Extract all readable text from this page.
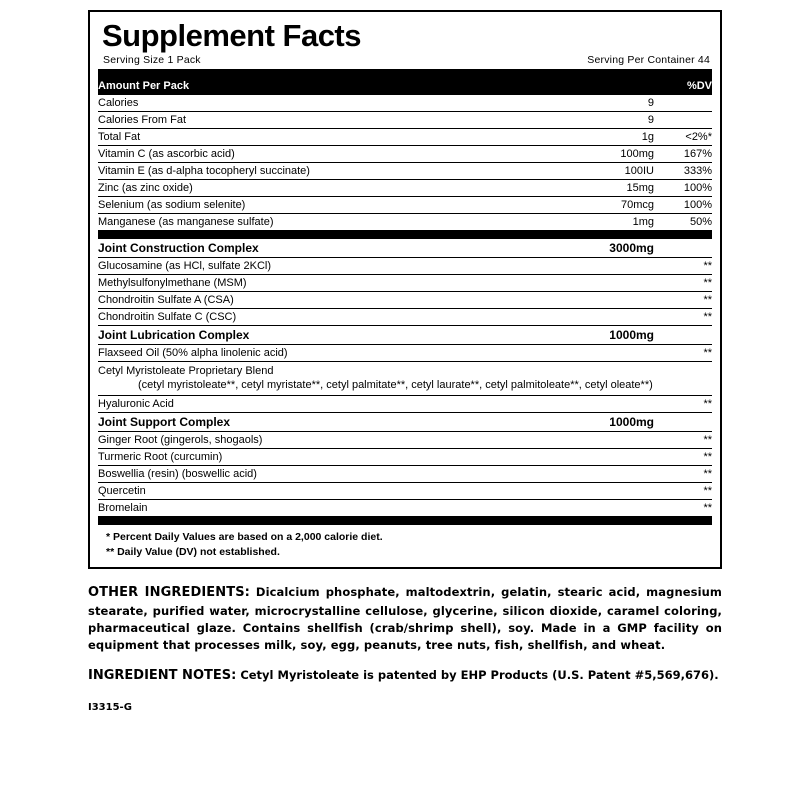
Supplement Facts
Serving Size 1 Pack	Serving Per Container 44
Amount Per Pack		%DV
Calories	9	
Calories From Fat	9	
Total Fat	1g	<2%*
Vitamin C (as ascorbic acid)	100mg	167%
Vitamin E (as d-alpha tocopheryl succinate)	100IU	333%
Zinc (as zinc oxide)	15mg	100%
Selenium (as sodium selenite)	70mcg	100%
Manganese (as manganese sulfate)	1mg	50%
Joint Construction Complex	3000mg	
Glucosamine (as HCl, sulfate 2KCl)		**
Methylsulfonylmethane (MSM)		**
Chondroitin Sulfate A (CSA)		**
Chondroitin Sulfate C (CSC)		**
Joint Lubrication Complex	1000mg	
Flaxseed Oil (50% alpha linolenic acid)		**

Cetyl Myristoleate Proprietary Blend
(cetyl myristoleate**, cetyl myristate**, cetyl palmitate**, cetyl laurate**, cetyl palmitoleate**, cetyl oleate**)		

Hyaluronic Acid		**
Joint Support Complex	1000mg	
Ginger Root (gingerols, shogaols)		**
Turmeric Root (curcumin)		**
Boswellia (resin) (boswellic acid)		**
Quercetin		**
Bromelain		**
* Percent Daily Values are based on a 2,000 calorie diet.
** Daily Value (DV) not established.
OTHER INGREDIENTS: Dicalcium phosphate, maltodextrin, gelatin, stearic acid, magnesium stearate, purified water, microcrystalline cellulose, glycerine, silicon dioxide, caramel coloring, pharmaceutical glaze. Contains shellfish (crab/shrimp shell), soy. Made in a GMP facility on equipment that processes milk, soy, egg, peanuts, tree nuts, fish, shellfish, and wheat.
INGREDIENT NOTES: Cetyl Myristoleate is patented by EHP Products (U.S. Patent #5,569,676).
I3315-G
